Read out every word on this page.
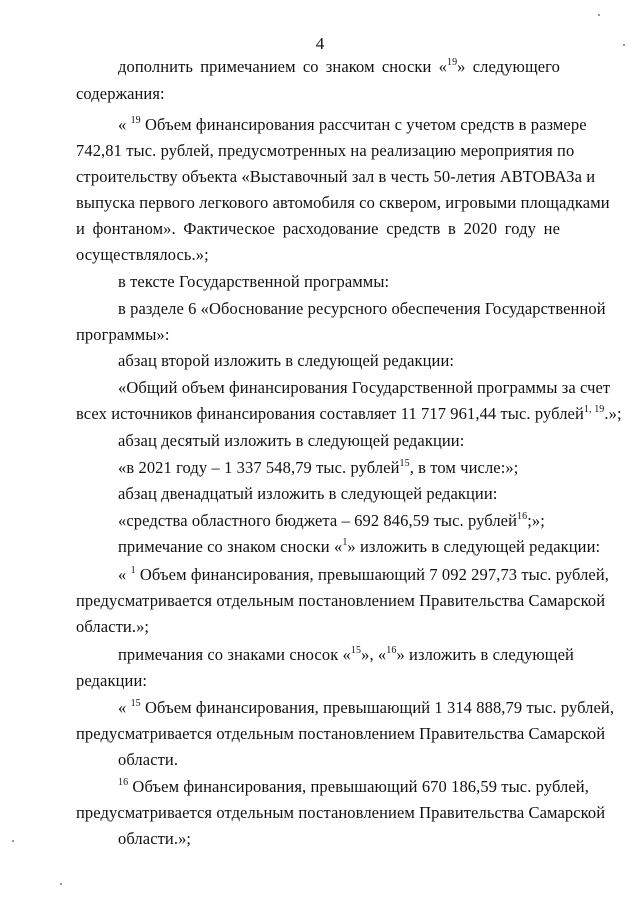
4

дополнить примечанием со знаком сноски «$^{19}$» следующего

содержания:

« $^{19}$ Объем финансирования рассчитан с учетом средств в размере

742,81 тыс. рублей, предусмотренных на реализацию мероприятия по

строительству объекта «Выставочный зал в честь 50-летия АВТОВАЗа и

выпуска первого легкового автомобиля со сквером, игровыми площадками

и фонтаном». Фактическое расходование средств в 2020 году не

осуществлялось.»;

в тексте Государственной программы:

в разделе 6 «Обоснование ресурсного обеспечения Государственной

программы»:

абзац второй изложить в следующей редакции:

«Общий объем финансирования Государственной программы за счет

всех источников финансирования составляет 11 717 961,44 тыс. рублей$^{1, 19}$.»;

абзац десятый изложить в следующей редакции:

«в 2021 году – 1 337 548,79 тыс. рублей$^{15}$, в том числе:»;

абзац двенадцатый изложить в следующей редакции:

«средства областного бюджета – 692 846,59 тыс. рублей$^{16}$;»;

примечание со знаком сноски «$^1$» изложить в следующей редакции:

« $^1$ Объем финансирования, превышающий 7 092 297,73 тыс. рублей,

предусматривается отдельным постановлением Правительства Самарской

области.»;

примечания со знаками сносок «$^{15}$», «$^{16}$» изложить в следующей

редакции:

« $^{15}$ Объем финансирования, превышающий 1 314 888,79 тыс. рублей,

предусматривается отдельным постановлением Правительства Самарской

области.

$^{16}$ Объем финансирования, превышающий 670 186,59 тыс. рублей,

предусматривается отдельным постановлением Правительства Самарской

области.»;
